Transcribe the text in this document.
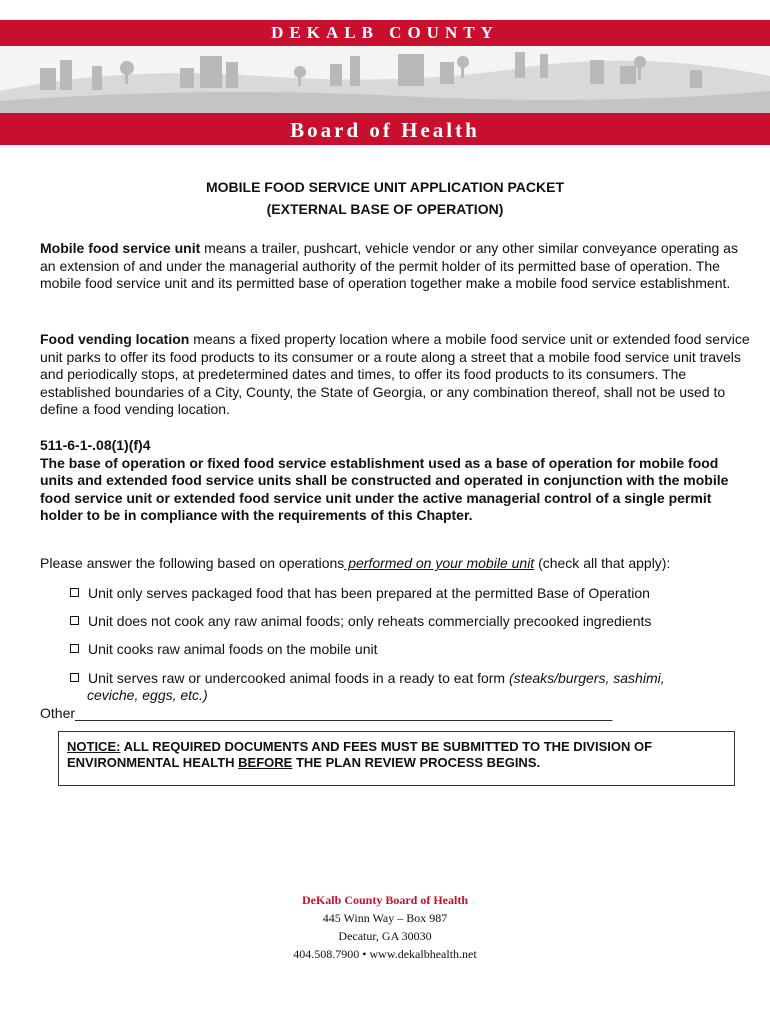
DEKALB COUNTY
Board of Health
MOBILE FOOD SERVICE UNIT APPLICATION PACKET
(EXTERNAL BASE OF OPERATION)

Mobile food service unit means a trailer, pushcart, vehicle vendor or any other similar conveyance operating as an extension of and under the managerial authority of the permit holder of its permitted base of operation. The mobile food service unit and its permitted base of operation together make a mobile food service establishment.

Food vending location means a fixed property location where a mobile food service unit or extended food service unit parks to offer its food products to its consumer or a route along a street that a mobile food service unit travels and periodically stops, at predetermined dates and times, to offer its food products to its consumers. The established boundaries of a City, County, the State of Georgia, or any combination thereof, shall not be used to define a food vending location.

511-6-1-.08(1)(f)4

The base of operation or fixed food service establishment used as a base of operation for mobile food units and extended food service units shall be constructed and operated in conjunction with the mobile food service unit or extended food service unit under the active managerial control of a single permit holder to be in compliance with the requirements of this Chapter.

Please answer the following based on operations performed on your mobile unit (check all that apply):
Unit only serves packaged food that has been prepared at the permitted Base of Operation
Unit does not cook any raw animal foods; only reheats commercially precooked ingredients
Unit cooks raw animal foods on the mobile unit
Unit serves raw or undercooked animal foods in a ready to eat form (steaks/burgers, sashimi,
ceviche, eggs, etc.)
Other_____________________________________________________________________
NOTICE: ALL REQUIRED DOCUMENTS AND FEES MUST BE SUBMITTED TO THE DIVISION OF ENVIRONMENTAL HEALTH BEFORE THE PLAN REVIEW PROCESS BEGINS.
DeKalb County Board of Health
445 Winn Way – Box 987
Decatur, GA 30030
404.508.7900 • www.dekalbhealth.net
